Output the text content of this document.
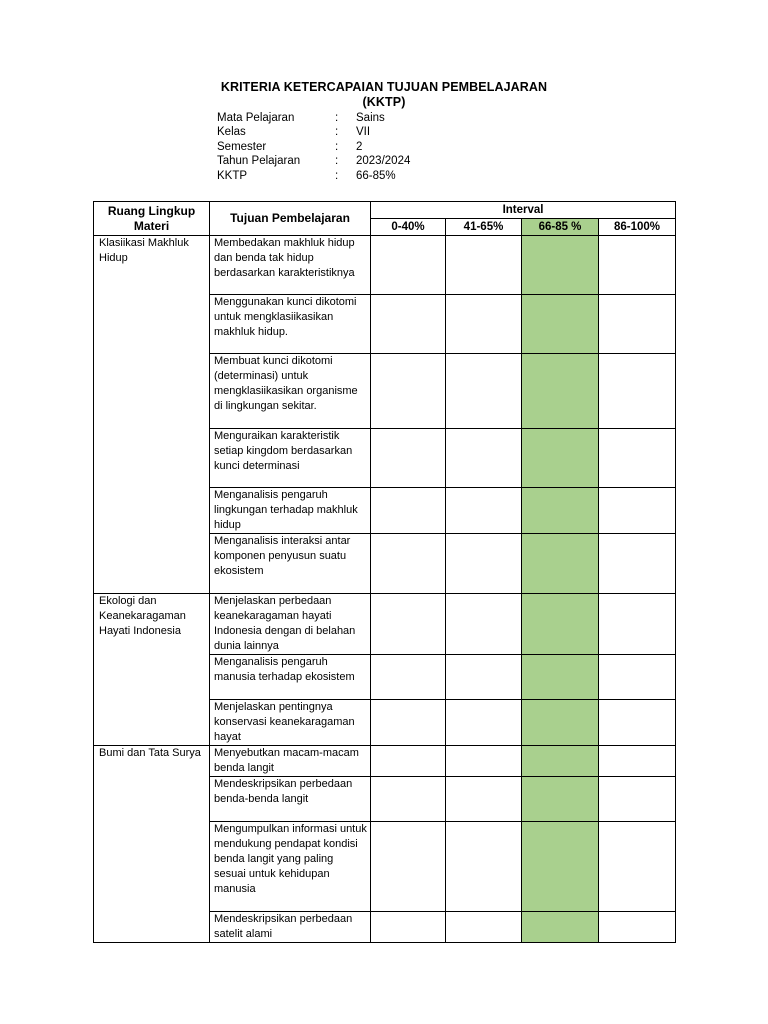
KRITERIA KETERCAPAIAN TUJUAN PEMBELAJARAN
(KKTP)
Mata Pelajaran	: Sains
Kelas	: VII
Semester	: 2
Tahun Pelajaran	: 2023/2024
KKTP	: 66-85%
Ruang Lingkup Materi	Tujuan Pembelajaran	Interval			
		0-40%	41-65%	66-85 %	86-100%
Klasiikasi Makhluk Hidup	Membedakan makhluk hidup dan benda tak hidup berdasarkan karakteristiknya				
	Menggunakan kunci dikotomi untuk mengklasiikasikan makhluk hidup.				
	Membuat kunci dikotomi (determinasi) untuk mengklasiikasikan organisme di lingkungan sekitar.				
	Menguraikan karakteristik setiap kingdom berdasarkan kunci determinasi				
	Menganalisis pengaruh lingkungan terhadap makhluk hidup				
	Menganalisis interaksi antar komponen penyusun suatu ekosistem				
Ekologi dan Keanekaragaman Hayati Indonesia	Menjelaskan perbedaan keanekaragaman hayati Indonesia dengan di belahan dunia lainnya				
	Menganalisis pengaruh manusia terhadap ekosistem				
	Menjelaskan pentingnya konservasi keanekaragaman hayat				
Bumi dan Tata Surya	Menyebutkan macam-macam benda langit				
	Mendeskripsikan perbedaan benda-benda langit				
	Mengumpulkan informasi untuk mendukung pendapat kondisi benda langit yang paling sesuai untuk kehidupan manusia				
	Mendeskripsikan perbedaan satelit alami				
